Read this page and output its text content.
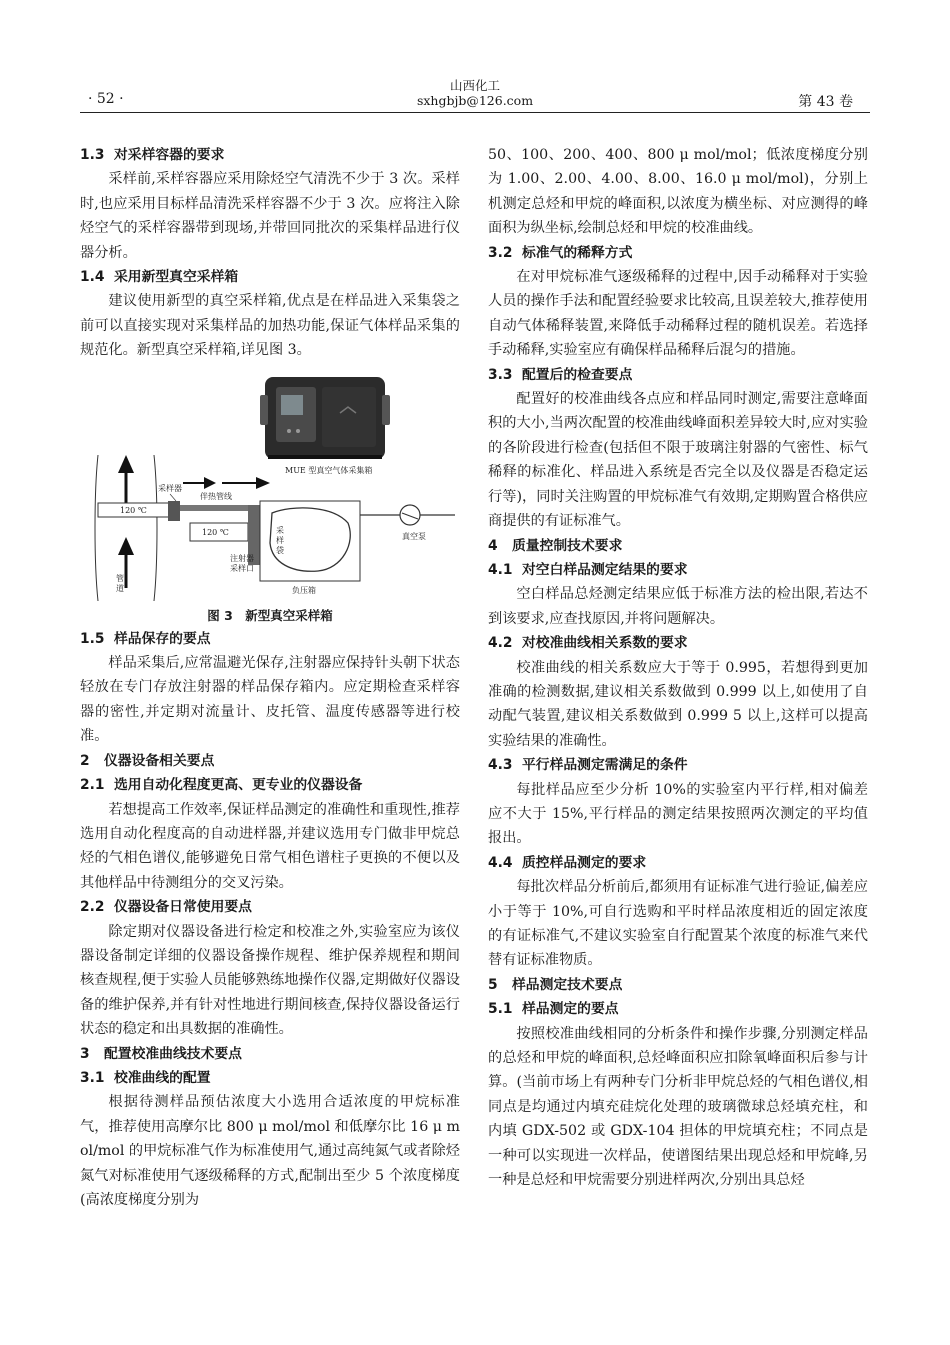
· 52 ·
山西化工
sxhgbjb@126.com	第 43 卷

1.3 对采样容器的要求

采样前,采样容器应采用除烃空气清洗不少于 3 次。采样时,也应采用目标样品清洗采样容器不少于 3 次。应将注入除烃空气的采样容器带到现场,并带回同批次的采集样品进行仪器分析。

1.4 采用新型真空采样箱

建议使用新型的真空采样箱,优点是在样品进入采集袋之前可以直接实现对采集样品的加热功能,保证气体样品采集的规范化。新型真空采样箱,详见图 3。

MUE 型真空气体采集箱
管
道
120 ℃
采样器
伴热管线
120 ℃
注射器
采样口
采
样
袋
负压箱
真空泵
图 3　新型真空采样箱

1.5 样品保存的要点

样品采集后,应常温避光保存,注射器应保持针头朝下状态轻放在专门存放注射器的样品保存箱内。应定期检查采样容器的密性,并定期对流量计、皮托管、温度传感器等进行校准。

2 仪器设备相关要点

2.1 选用自动化程度更高、更专业的仪器设备

若想提高工作效率,保证样品测定的准确性和重现性,推荐选用自动化程度高的自动进样器,并建议选用专门做非甲烷总烃的气相色谱仪,能够避免日常气相色谱柱子更换的不便以及其他样品中待测组分的交叉污染。

2.2 仪器设备日常使用要点

除定期对仪器设备进行检定和校准之外,实验室应为该仪器设备制定详细的仪器设备操作规程、维护保养规程和期间核查规程,便于实验人员能够熟练地操作仪器,定期做好仪器设备的维护保养,并有针对性地进行期间核查,保持仪器设备运行状态的稳定和出具数据的准确性。

3 配置校准曲线技术要点

3.1 校准曲线的配置

根据待测样品预估浓度大小选用合适浓度的甲烷标准气，推荐使用高摩尔比 800 μ mol/mol 和低摩尔比 16 μ mol/mol 的甲烷标准气作为标准使用气,通过高纯氮气或者除烃氮气对标准使用气逐级稀释的方式,配制出至少 5 个浓度梯度(高浓度梯度分别为

50、100、200、400、800 μ mol/mol；低浓度梯度分别为 1.00、2.00、4.00、8.00、16.0 μ mol/mol)，分别上机测定总烃和甲烷的峰面积,以浓度为横坐标、对应测得的峰面积为纵坐标,绘制总烃和甲烷的校准曲线。

3.2 标准气的稀释方式

在对甲烷标准气逐级稀释的过程中,因手动稀释对于实验人员的操作手法和配置经验要求比较高,且误差较大,推荐使用自动气体稀释装置,来降低手动稀释过程的随机误差。若选择手动稀释,实验室应有确保样品稀释后混匀的措施。

3.3 配置后的检查要点

配置好的校准曲线各点应和样品同时测定,需要注意峰面积的大小,当两次配置的校准曲线峰面积差异较大时,应对实验的各阶段进行检查(包括但不限于玻璃注射器的气密性、标气稀释的标准化、样品进入系统是否完全以及仪器是否稳定运行等)，同时关注购置的甲烷标准气有效期,定期购置合格供应商提供的有证标准气。

4 质量控制技术要求

4.1 对空白样品测定结果的要求

空白样品总烃测定结果应低于标准方法的检出限,若达不到该要求,应查找原因,并将问题解决。

4.2 对校准曲线相关系数的要求

校准曲线的相关系数应大于等于 0.995，若想得到更加准确的检测数据,建议相关系数做到 0.999 以上,如使用了自动配气装置,建议相关系数做到 0.999 5 以上,这样可以提高实验结果的准确性。

4.3 平行样品测定需满足的条件

每批样品应至少分析 10%的实验室内平行样,相对偏差应不大于 15%,平行样品的测定结果按照两次测定的平均值报出。

4.4 质控样品测定的要求

每批次样品分析前后,都须用有证标准气进行验证,偏差应小于等于 10%,可自行选购和平时样品浓度相近的固定浓度的有证标准气,不建议实验室自行配置某个浓度的标准气来代替有证标准物质。

5 样品测定技术要点

5.1 样品测定的要点

按照校准曲线相同的分析条件和操作步骤,分别测定样品的总烃和甲烷的峰面积,总烃峰面积应扣除氧峰面积后参与计算。(当前市场上有两种专门分析非甲烷总烃的气相色谱仪,相同点是均通过内填充硅烷化处理的玻璃微球总烃填充柱，和内填 GDX-502 或 GDX-104 担体的甲烷填充柱；不同点是一种可以实现进一次样品，使谱图结果出现总烃和甲烷峰,另一种是总烃和甲烷需要分别进样两次,分别出具总烃
